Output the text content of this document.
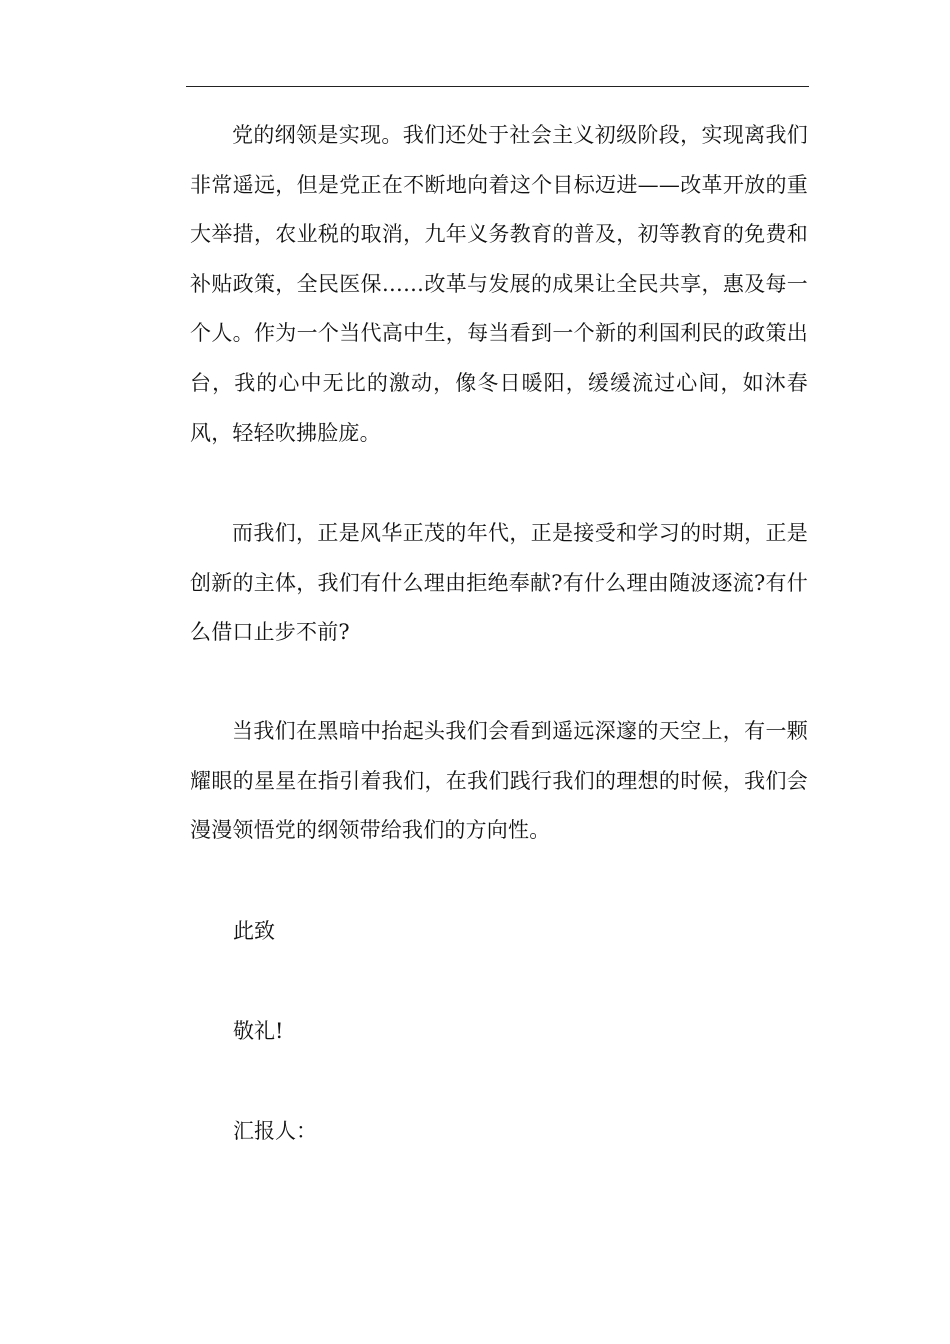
党的纲领是实现。我们还处于社会主义初级阶段，实现离我们非常遥远，但是党正在不断地向着这个目标迈进——改革开放的重大举措，农业税的取消，九年义务教育的普及，初等教育的免费和补贴政策，全民医保……改革与发展的成果让全民共享，惠及每一个人。作为一个当代高中生，每当看到一个新的利国利民的政策出台，我的心中无比的激动，像冬日暖阳，缓缓流过心间，如沐春风，轻轻吹拂脸庞。

而我们，正是风华正茂的年代，正是接受和学习的时期，正是创新的主体，我们有什么理由拒绝奉献?有什么理由随波逐流?有什么借口止步不前?

当我们在黑暗中抬起头我们会看到遥远深邃的天空上，有一颗耀眼的星星在指引着我们，在我们践行我们的理想的时候，我们会漫漫领悟党的纲领带给我们的方向性。

此致

敬礼!

汇报人：
